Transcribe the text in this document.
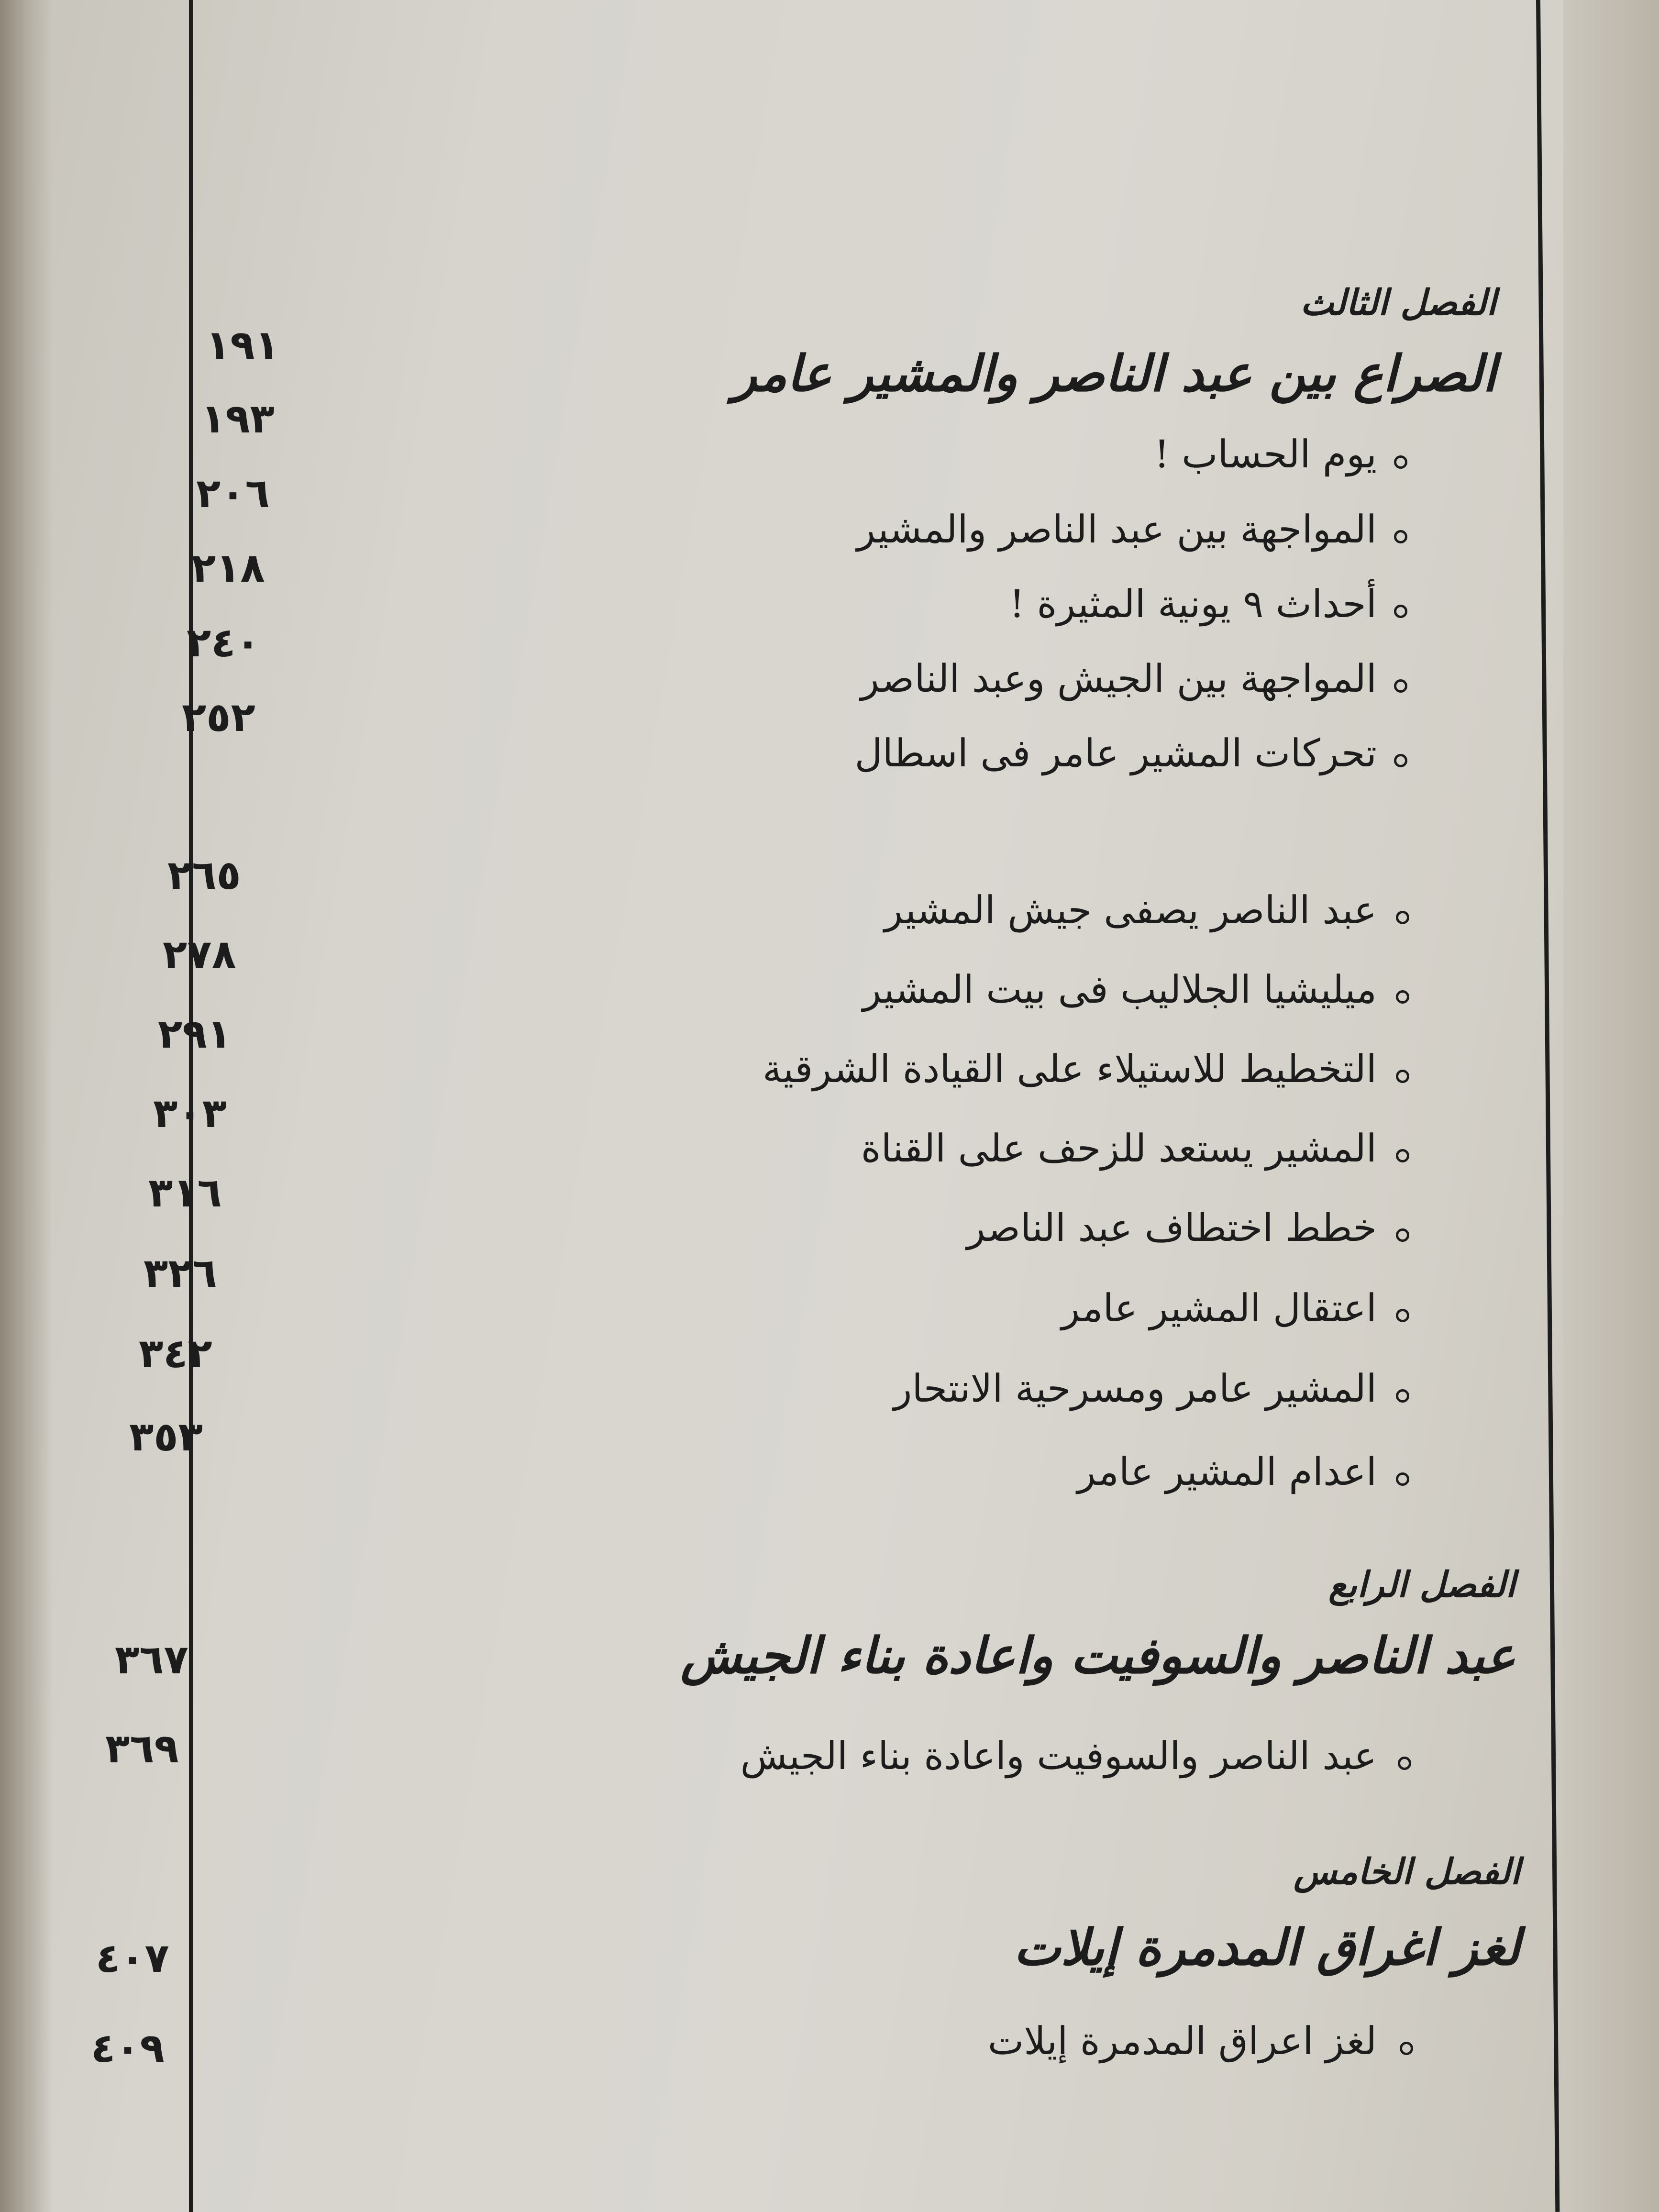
الفصل الثالث
الصراع بين عبد الناصر والمشير عامر
١٩١
يوم الحساب !
١٩٣
المواجهة بين عبد الناصر والمشير
٢٠٦
أحداث ٩ يونية المثيرة !
٢١٨
المواجهة بين الجيش وعبد الناصر
٢٤٠
تحركات المشير عامر فى اسطال
٢٥٢
عبد الناصر يصفى جيش المشير
٢٦٥
ميليشيا الجلاليب فى بيت المشير
٢٧٨
التخطيط للاستيلاء على القيادة الشرقية
٢٩١
المشير يستعد للزحف على القناة
٣٠٣
خطط اختطاف عبد الناصر
٣١٦
اعتقال المشير عامر
٣٢٦
المشير عامر ومسرحية الانتحار
٣٤٢
اعدام المشير عامر
٣٥٣
الفصل الرابع
عبد الناصر والسوفيت واعادة بناء الجيش
٣٦٧
عبد الناصر والسوفيت واعادة بناء الجيش
٣٦٩
الفصل الخامس
لغز اغراق المدمرة إيلات
٤٠٧
لغز اعراق المدمرة إيلات
٤٠٩
